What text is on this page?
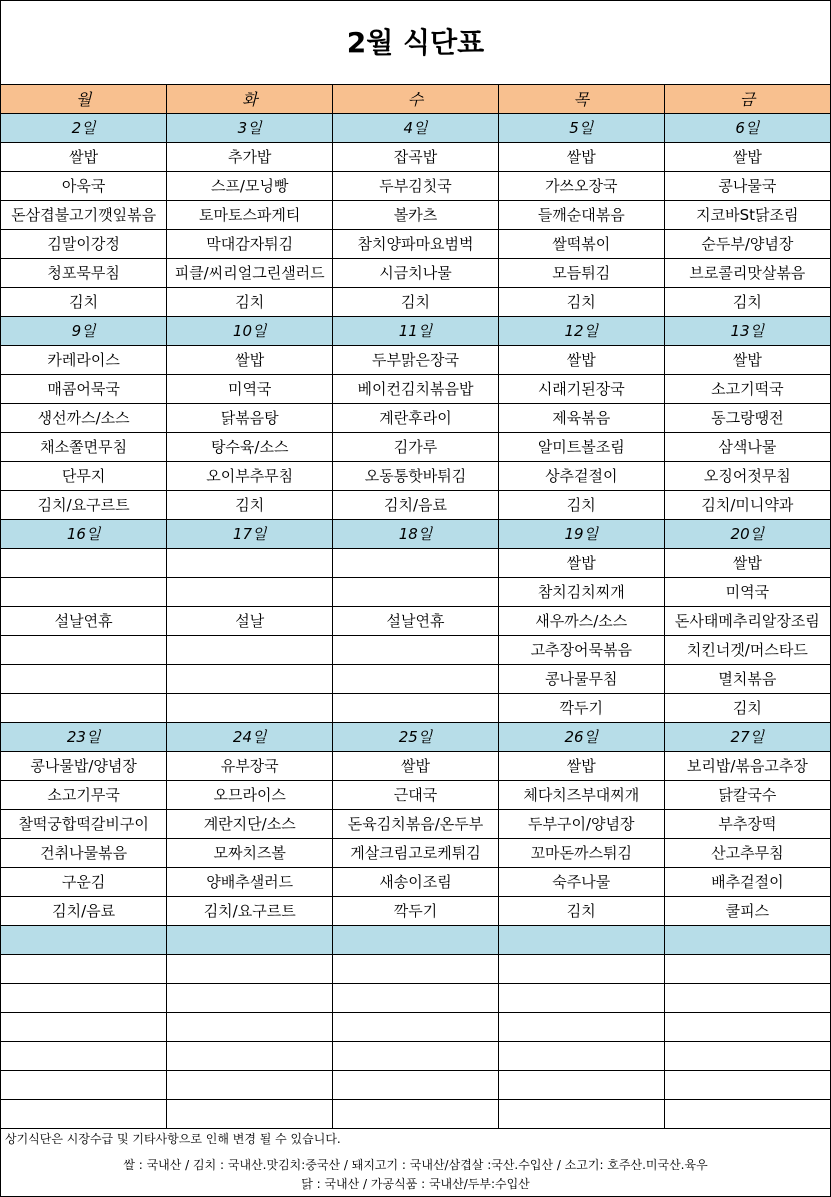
2월 식단표
월	화	수	목	금
2일	3일	4일	5일	6일
쌀밥	추가밥	잡곡밥	쌀밥	쌀밥
아욱국	스프/모닝빵	두부김칫국	가쓰오장국	콩나물국
돈삼겹불고기깻잎볶음	토마토스파게티	볼카츠	들깨순대볶음	지코바St닭조림
김말이강정	막대감자튀김	참치양파마요범벅	쌀떡볶이	순두부/양념장
청포묵무침	피클/씨리얼그린샐러드	시금치나물	모듬튀김	브로콜리맛살볶음
김치	김치	김치	김치	김치
9일	10일	11일	12일	13일
카레라이스	쌀밥	두부맑은장국	쌀밥	쌀밥
매콤어묵국	미역국	베이컨김치볶음밥	시래기된장국	소고기떡국
생선까스/소스	닭볶음탕	계란후라이	제육볶음	동그랑땡전
채소쫄면무침	탕수육/소스	김가루	알미트볼조림	삼색나물
단무지	오이부추무침	오동통핫바튀김	상추겉절이	오징어젓무침
김치/요구르트	김치	김치/음료	김치	김치/미니약과
16일	17일	18일	19일	20일
			쌀밥	쌀밥
			참치김치찌개	미역국
설날연휴	설날	설날연휴	새우까스/소스	돈사태메추리알장조림
			고추장어묵볶음	치킨너겟/머스타드
			콩나물무침	멸치볶음
			깍두기	김치
23일	24일	25일	26일	27일
콩나물밥/양념장	유부장국	쌀밥	쌀밥	보리밥/볶음고추장
소고기무국	오므라이스	근대국	체다치즈부대찌개	닭칼국수
찰떡궁합떡갈비구이	계란지단/소스	돈육김치볶음/온두부	두부구이/양념장	부추장떡
건취나물볶음	모짜치즈볼	게살크림고로케튀김	꼬마돈까스튀김	산고추무침
구운김	양배추샐러드	새송이조림	숙주나물	배추겉절이
김치/음료	김치/요구르트	깍두기	김치	쿨피스

상기식단은 시장수급 및 기타사항으로 인해 변경 될 수 있습니다.
쌀 : 국내산 / 김치 : 국내산.맛김치:중국산 / 돼지고기 : 국내산/삼겹살 :국산.수입산 / 소고기: 호주산.미국산.육우
닭 : 국내산 / 가공식품 : 국내산/두부:수입산
